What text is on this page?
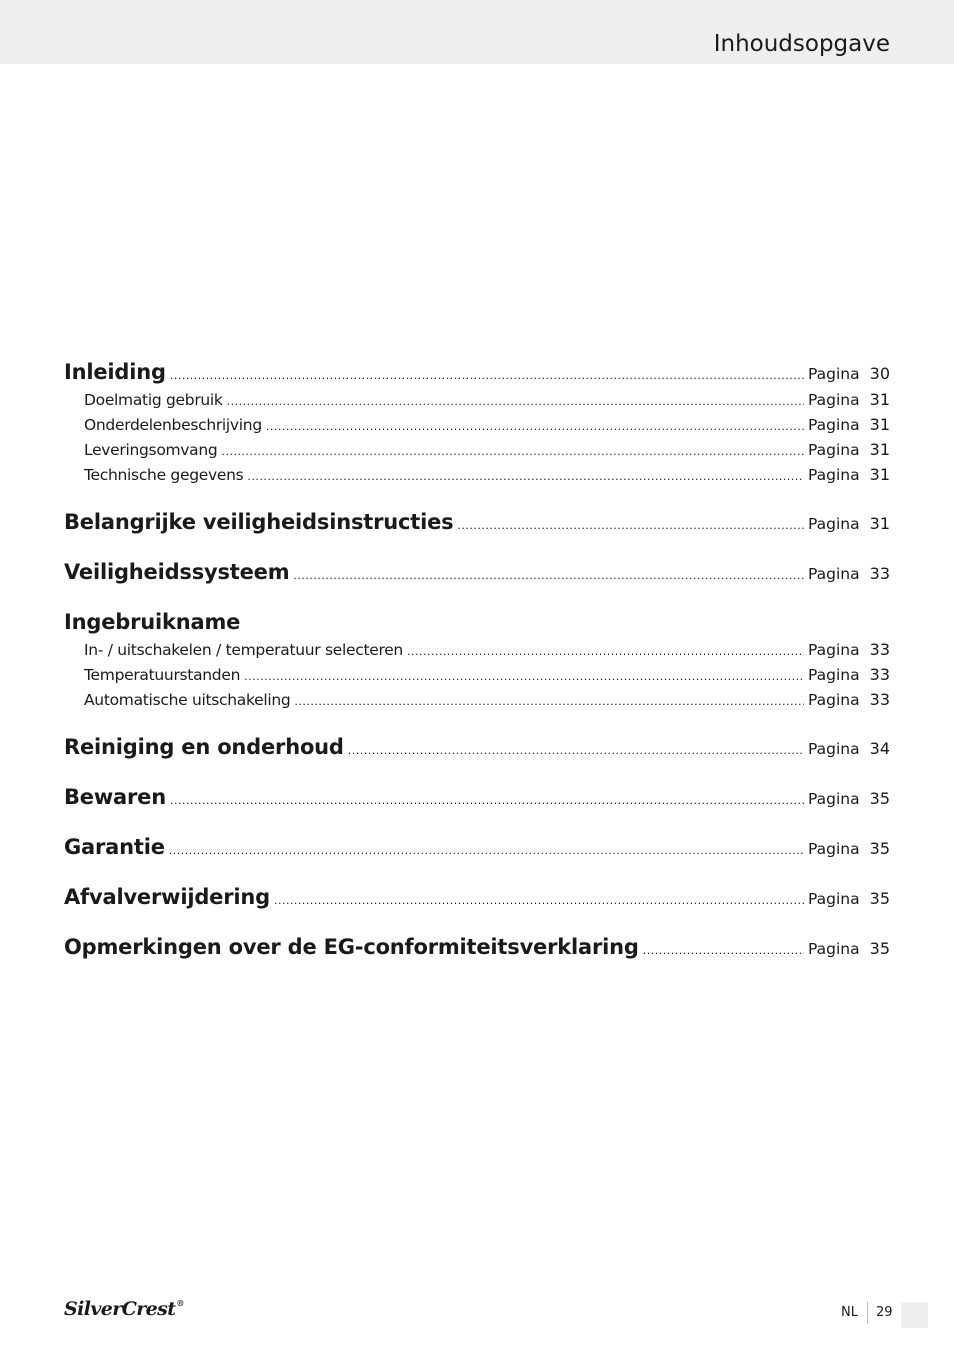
Inhoudsopgave
Inleiding .....	Pagina 30
Doelmatig gebruik .....	Pagina 31
Onderdelenbeschrijving .....	Pagina 31
Leveringsomvang .....	Pagina 31
Technische gegevens .....	Pagina 31
Belangrijke veiligheidsinstructies .....	Pagina 31
Veiligheidssysteem .....	Pagina 33
Ingebruikname
In- / uitschakelen / temperatuur selecteren .....	Pagina 33
Temperatuurstanden .....	Pagina 33
Automatische uitschakeling .....	Pagina 33
Reiniging en onderhoud .....	Pagina 34
Bewaren .....	Pagina 35
Garantie .....	Pagina 35
Afvalverwijdering .....	Pagina 35
Opmerkingen over de EG-conformiteitsverklaring .....	Pagina 35
SilverCrest®
NL 29
